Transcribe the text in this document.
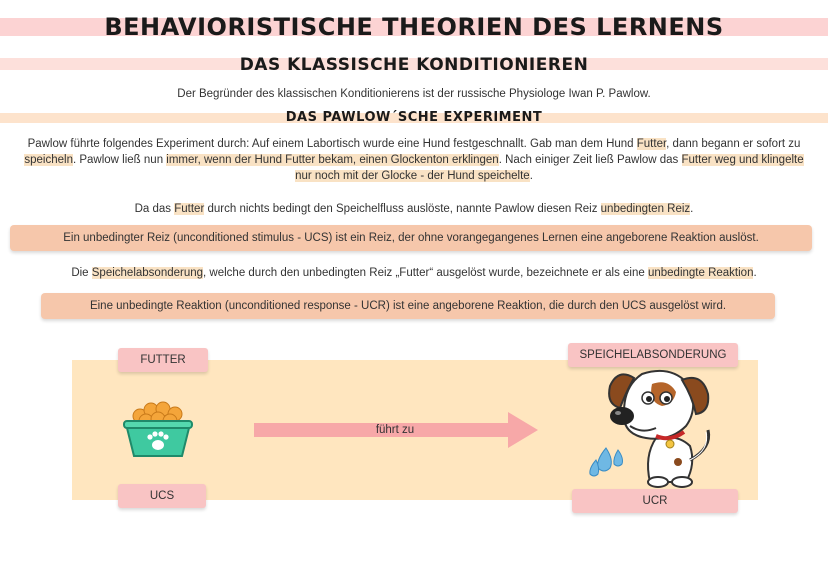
BEHAVIORISTISCHE THEORIEN DES LERNENS
DAS KLASSISCHE KONDITIONIEREN
Der Begründer des klassischen Konditionierens ist der russische Physiologe Iwan P. Pawlow.
DAS PAWLOW´SCHE EXPERIMENT
Pawlow führte folgendes Experiment durch: Auf einem Labortisch wurde eine Hund festgeschnallt. Gab man dem Hund Futter, dann begann er sofort zu speicheln. Pawlow ließ nun immer, wenn der Hund Futter bekam, einen Glockenton erklingen. Nach einiger Zeit ließ Pawlow das Futter weg und klingelte nur noch mit der Glocke - der Hund speichelte.
Da das Futter durch nichts bedingt den Speichelfluss auslöste, nannte Pawlow diesen Reiz unbedingten Reiz.
Ein unbedingter Reiz (unconditioned stimulus - UCS) ist ein Reiz, der ohne vorangegangenes Lernen eine angeborene Reaktion auslöst.
Die Speichelabsonderung, welche durch den unbedingten Reiz „Futter“ ausgelöst wurde, bezeichnete er als eine unbedingte Reaktion.
Eine unbedingte Reaktion (unconditioned response - UCR) ist eine angeborene Reaktion, die durch den UCS ausgelöst wird.
FUTTER
UCS
SPEICHELABSONDERUNG
UCR
führt zu
